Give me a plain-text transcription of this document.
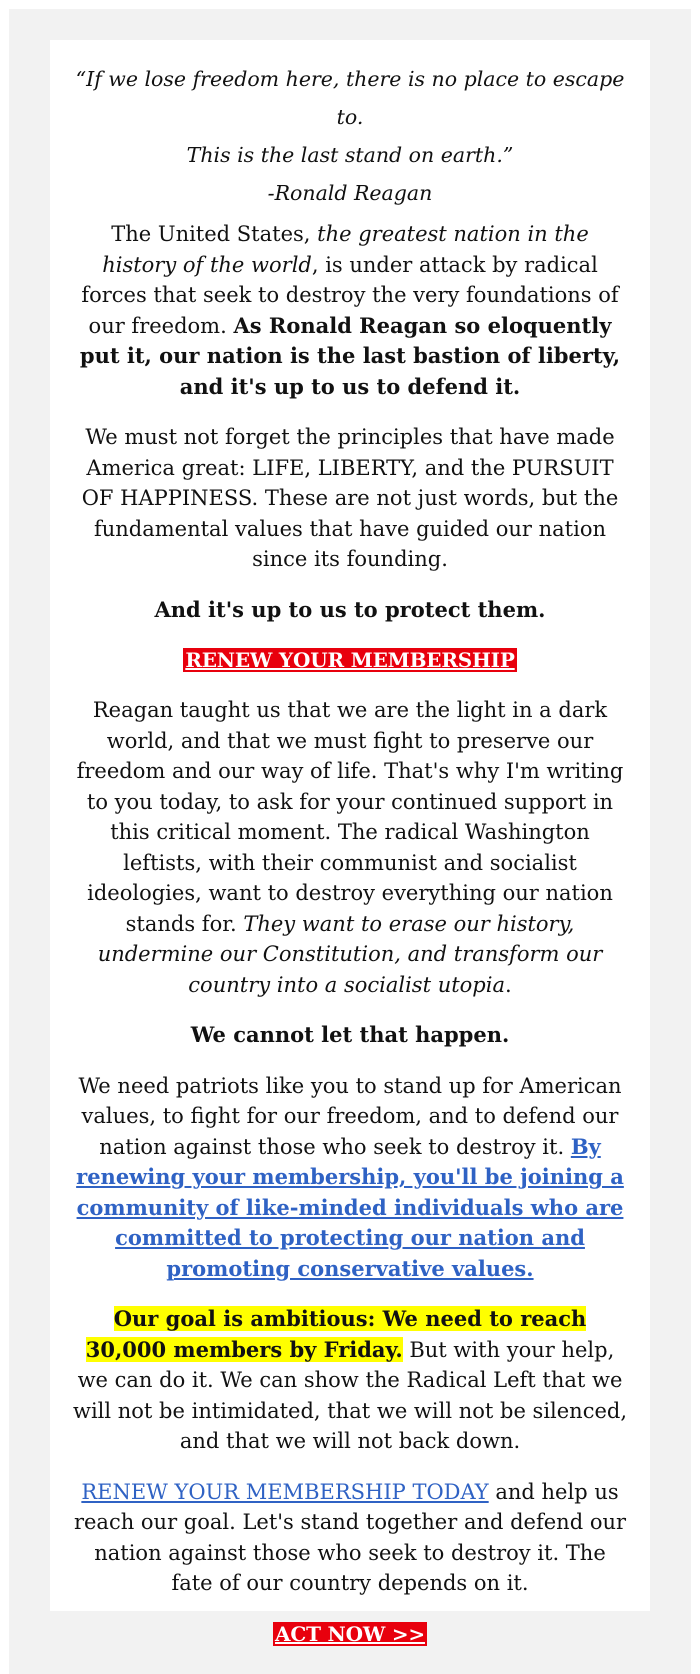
“If we lose freedom here, there is no place to escape to.
This is the last stand on earth.”
-Ronald Reagan

The United States, the greatest nation in the history of the world, is under attack by radical forces that seek to destroy the very foundations of our freedom. As Ronald Reagan so eloquently put it, our nation is the last bastion of liberty, and it's up to us to defend it.

We must not forget the principles that have made America great: LIFE, LIBERTY, and the PURSUIT OF HAPPINESS. These are not just words, but the fundamental values that have guided our nation since its founding.

And it's up to us to protect them.

RENEW YOUR MEMBERSHIP

Reagan taught us that we are the light in a dark world, and that we must fight to preserve our freedom and our way of life. That's why I'm writing to you today, to ask for your continued support in this critical moment. The radical Washington leftists, with their communist and socialist ideologies, want to destroy everything our nation stands for. They want to erase our history, undermine our Constitution, and transform our country into a socialist utopia.

We cannot let that happen.

We need patriots like you to stand up for American values, to fight for our freedom, and to defend our nation against those who seek to destroy it. By renewing your membership, you'll be joining a community of like-minded individuals who are committed to protecting our nation and promoting conservative values.

Our goal is ambitious: We need to reach 30,000 members by Friday. But with your help, we can do it. We can show the Radical Left that we will not be intimidated, that we will not be silenced, and that we will not back down.

RENEW YOUR MEMBERSHIP TODAY and help us reach our goal. Let's stand together and defend our nation against those who seek to destroy it. The fate of our country depends on it.

ACT NOW >>
